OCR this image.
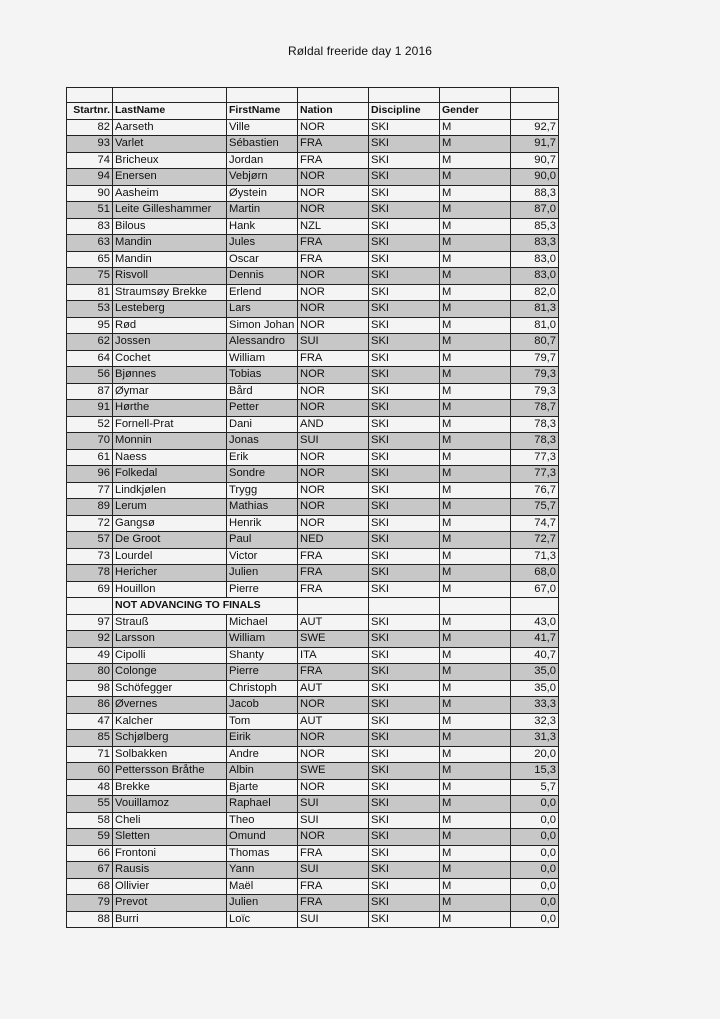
Røldal freeride day 1 2016

Startnr.	LastName	FirstName	Nation	Discipline	Gender	
82	Aarseth	Ville	NOR	SKI	M	92,7
93	Varlet	Sébastien	FRA	SKI	M	91,7
74	Bricheux	Jordan	FRA	SKI	M	90,7
94	Enersen	Vebjørn	NOR	SKI	M	90,0
90	Aasheim	Øystein	NOR	SKI	M	88,3
51	Leite Gilleshammer	Martin	NOR	SKI	M	87,0
83	Bilous	Hank	NZL	SKI	M	85,3
63	Mandin	Jules	FRA	SKI	M	83,3
65	Mandin	Oscar	FRA	SKI	M	83,0
75	Risvoll	Dennis	NOR	SKI	M	83,0
81	Straumsøy Brekke	Erlend	NOR	SKI	M	82,0
53	Lesteberg	Lars	NOR	SKI	M	81,3
95	Rød	Simon Johan	NOR	SKI	M	81,0
62	Jossen	Alessandro	SUI	SKI	M	80,7
64	Cochet	William	FRA	SKI	M	79,7
56	Bjønnes	Tobias	NOR	SKI	M	79,3
87	Øymar	Bård	NOR	SKI	M	79,3
91	Hørthe	Petter	NOR	SKI	M	78,7
52	Fornell-Prat	Dani	AND	SKI	M	78,3
70	Monnin	Jonas	SUI	SKI	M	78,3
61	Naess	Erik	NOR	SKI	M	77,3
96	Folkedal	Sondre	NOR	SKI	M	77,3
77	Lindkjølen	Trygg	NOR	SKI	M	76,7
89	Lerum	Mathias	NOR	SKI	M	75,7
72	Gangsø	Henrik	NOR	SKI	M	74,7
57	De Groot	Paul	NED	SKI	M	72,7
73	Lourdel	Victor	FRA	SKI	M	71,3
78	Hericher	Julien	FRA	SKI	M	68,0
69	Houillon	Pierre	FRA	SKI	M	67,0
	NOT ADVANCING TO FINALS					
97	Strauß	Michael	AUT	SKI	M	43,0
92	Larsson	William	SWE	SKI	M	41,7
49	Cipolli	Shanty	ITA	SKI	M	40,7
80	Colonge	Pierre	FRA	SKI	M	35,0
98	Schöfegger	Christoph	AUT	SKI	M	35,0
86	Øvernes	Jacob	NOR	SKI	M	33,3
47	Kalcher	Tom	AUT	SKI	M	32,3
85	Schjølberg	Eirik	NOR	SKI	M	31,3
71	Solbakken	Andre	NOR	SKI	M	20,0
60	Pettersson Bråthe	Albin	SWE	SKI	M	15,3
48	Brekke	Bjarte	NOR	SKI	M	5,7
55	Vouillamoz	Raphael	SUI	SKI	M	0,0
58	Cheli	Theo	SUI	SKI	M	0,0
59	Sletten	Omund	NOR	SKI	M	0,0
66	Frontoni	Thomas	FRA	SKI	M	0,0
67	Rausis	Yann	SUI	SKI	M	0,0
68	Ollivier	Maël	FRA	SKI	M	0,0
79	Prevot	Julien	FRA	SKI	M	0,0
88	Burri	Loïc	SUI	SKI	M	0,0
